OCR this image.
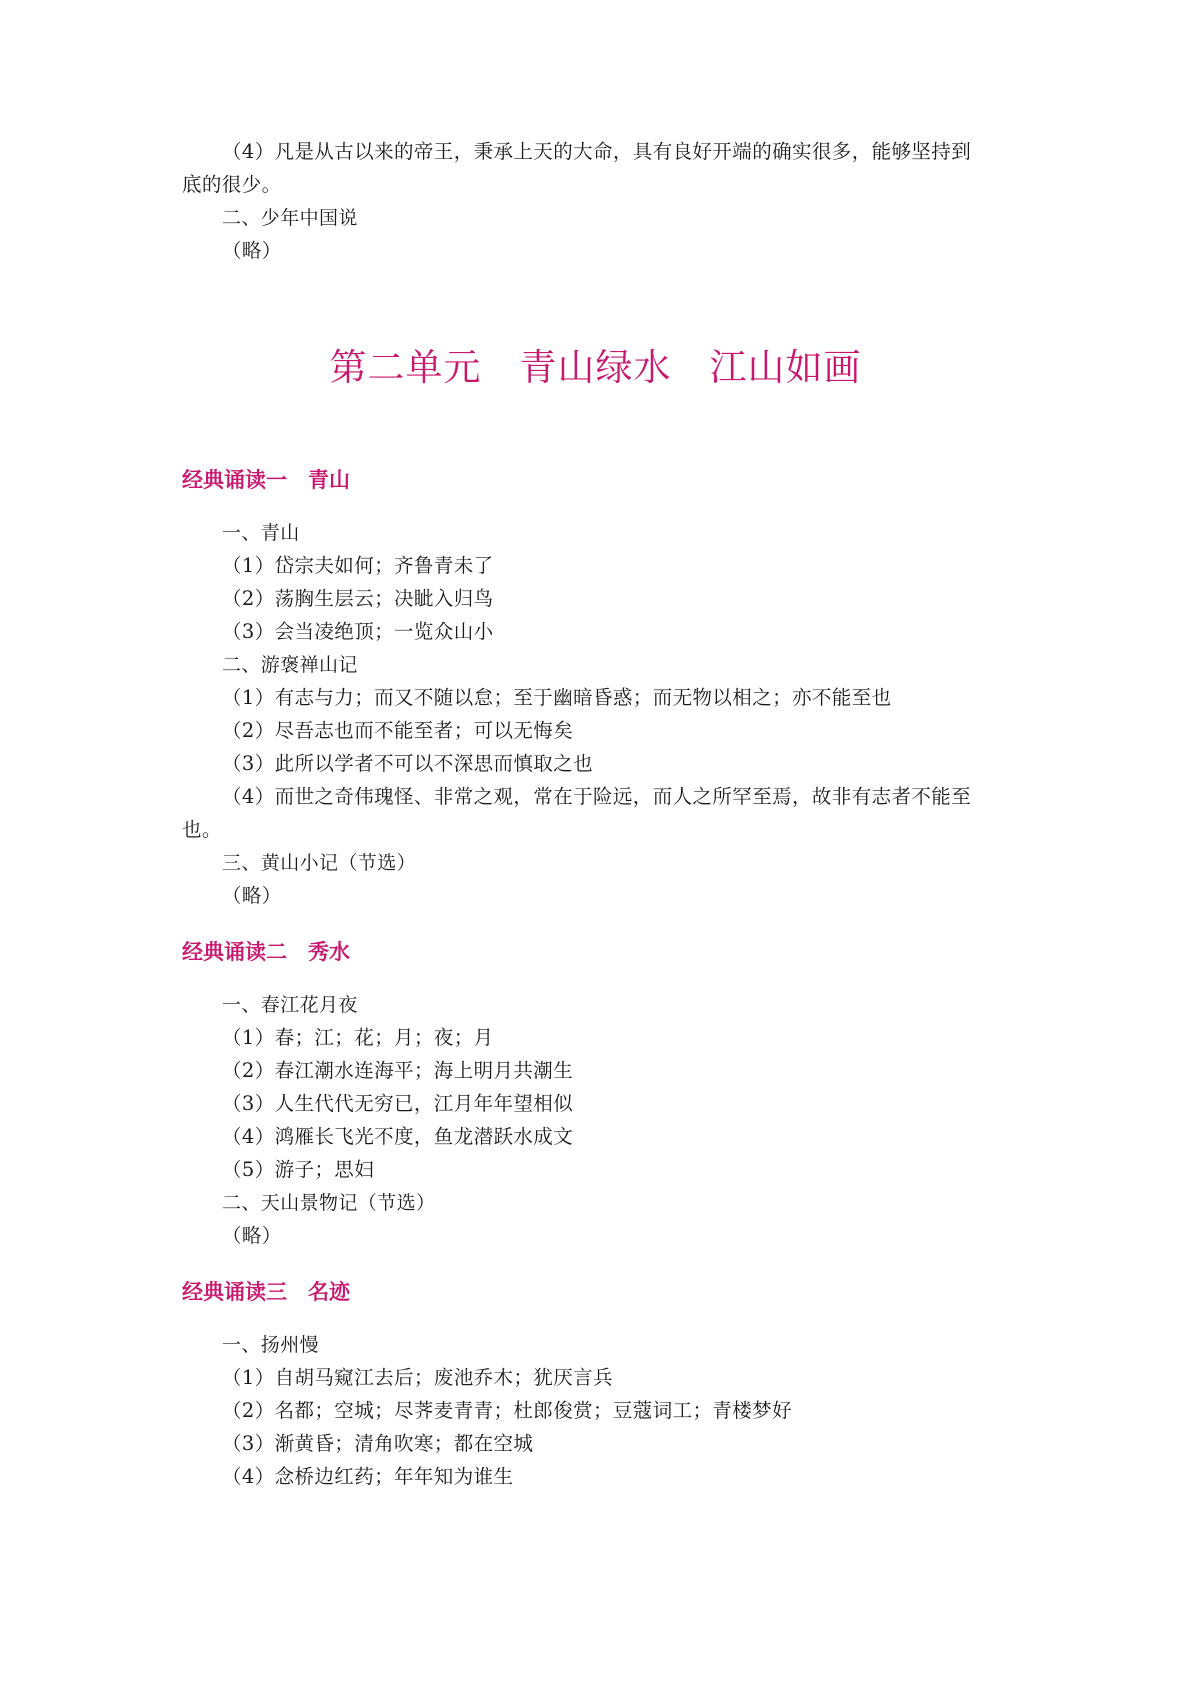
（4）凡是从古以来的帝王，秉承上天的大命，具有良好开端的确实很多，能够坚持到
底的很少。
二、少年中国说
（略）
第二单元　青山绿水　江山如画
经典诵读一　青山
一、青山
（1）岱宗夫如何；齐鲁青未了
（2）荡胸生层云；决眦入归鸟
（3）会当凌绝顶；一览众山小
二、游褒禅山记
（1）有志与力；而又不随以怠；至于幽暗昏惑；而无物以相之；亦不能至也
（2）尽吾志也而不能至者；可以无悔矣
（3）此所以学者不可以不深思而慎取之也
（4）而世之奇伟瑰怪、非常之观，常在于险远，而人之所罕至焉，故非有志者不能至
也。
三、黄山小记（节选）
（略）
经典诵读二　秀水
一、春江花月夜
（1）春；江；花；月；夜；月
（2）春江潮水连海平；海上明月共潮生
（3）人生代代无穷已，江月年年望相似
（4）鸿雁长飞光不度，鱼龙潜跃水成文
（5）游子；思妇
二、天山景物记（节选）
（略）
经典诵读三　名迹
一、扬州慢
（1）自胡马窥江去后；废池乔木；犹厌言兵
（2）名都；空城；尽荠麦青青；杜郎俊赏；豆蔻词工；青楼梦好
（3）渐黄昏；清角吹寒；都在空城
（4）念桥边红药；年年知为谁生
